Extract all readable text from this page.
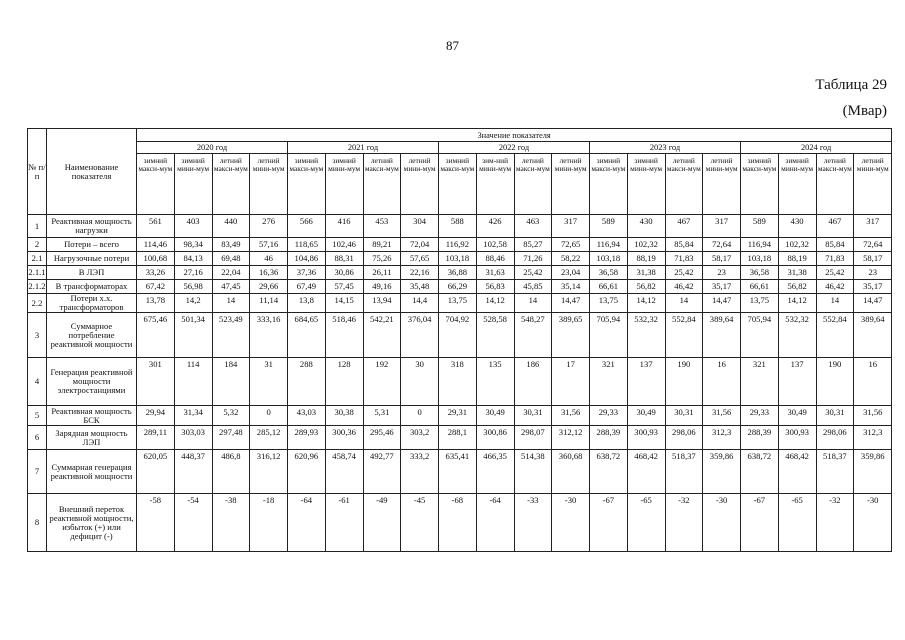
87
Таблица 29
(Мвар)
№ п/п	Наименование показателя	Значение показателя																			
		2020 год				2021 год				2022 год				2023 год				2024 год			
		зимний макси-мум	зимний мини-мум	летний макси-мум	летний мини-мум	зимний макси-мум	зимний мини-мум	летний макси-мум	летний мини-мум	зимний макси-мум	зим-ний мини-мум	летний макси-мум	летний мини-мум	зимний макси-мум	зимний мини-мум	летний макси-мум	летний мини-мум	зимний макси-мум	зимний мини-мум	летний макси-мум	летний мини-мум
1	Реактивная мощность нагрузки	561	403	440	276	566	416	453	304	588	426	463	317	589	430	467	317	589	430	467	317
2	Потери – всего	114,46	98,34	83,49	57,16	118,65	102,46	89,21	72,04	116,92	102,58	85,27	72,65	116,94	102,32	85,84	72,64	116,94	102,32	85,84	72,64
2.1	Нагрузочные потери	100,68	84,13	69,48	46	104,86	88,31	75,26	57,65	103,18	88,46	71,26	58,22	103,18	88,19	71,83	58,17	103,18	88,19	71,83	58,17
2.1.1	В ЛЭП	33,26	27,16	22,04	16,36	37,36	30,86	26,11	22,16	36,88	31,63	25,42	23,04	36,58	31,38	25,42	23	36,58	31,38	25,42	23
2.1.2	В трансформаторах	67,42	56,98	47,45	29,66	67,49	57,45	49,16	35,48	66,29	56,83	45,85	35,14	66,61	56,82	46,42	35,17	66,61	56,82	46,42	35,17
2.2	Потери х.х. трансформаторов	13,78	14,2	14	11,14	13,8	14,15	13,94	14,4	13,75	14,12	14	14,47	13,75	14,12	14	14,47	13,75	14,12	14	14,47
3	Суммарное потребление реактивной мощности	675,46	501,34	523,49	333,16	684,65	518,46	542,21	376,04	704,92	528,58	548,27	389,65	705,94	532,32	552,84	389,64	705,94	532,32	552,84	389,64
4	Генерация реактивной мощности электростанциями	301	114	184	31	288	128	192	30	318	135	186	17	321	137	190	16	321	137	190	16
5	Реактивная мощность БСК	29,94	31,34	5,32	0	43,03	30,38	5,31	0	29,31	30,49	30,31	31,56	29,33	30,49	30,31	31,56	29,33	30,49	30,31	31,56
6	Зарядная мощность ЛЭП	289,11	303,03	297,48	285,12	289,93	300,36	295,46	303,2	288,1	300,86	298,07	312,12	288,39	300,93	298,06	312,3	288,39	300,93	298,06	312,3
7	Суммарная генерация реактивной мощности	620,05	448,37	486,8	316,12	620,96	458,74	492,77	333,2	635,41	466,35	514,38	360,68	638,72	468,42	518,37	359,86	638,72	468,42	518,37	359,86
8	Внешний переток реактивной мощности, избыток (+) или дефицит (-)	-58	-54	-38	-18	-64	-61	-49	-45	-68	-64	-33	-30	-67	-65	-32	-30	-67	-65	-32	-30
